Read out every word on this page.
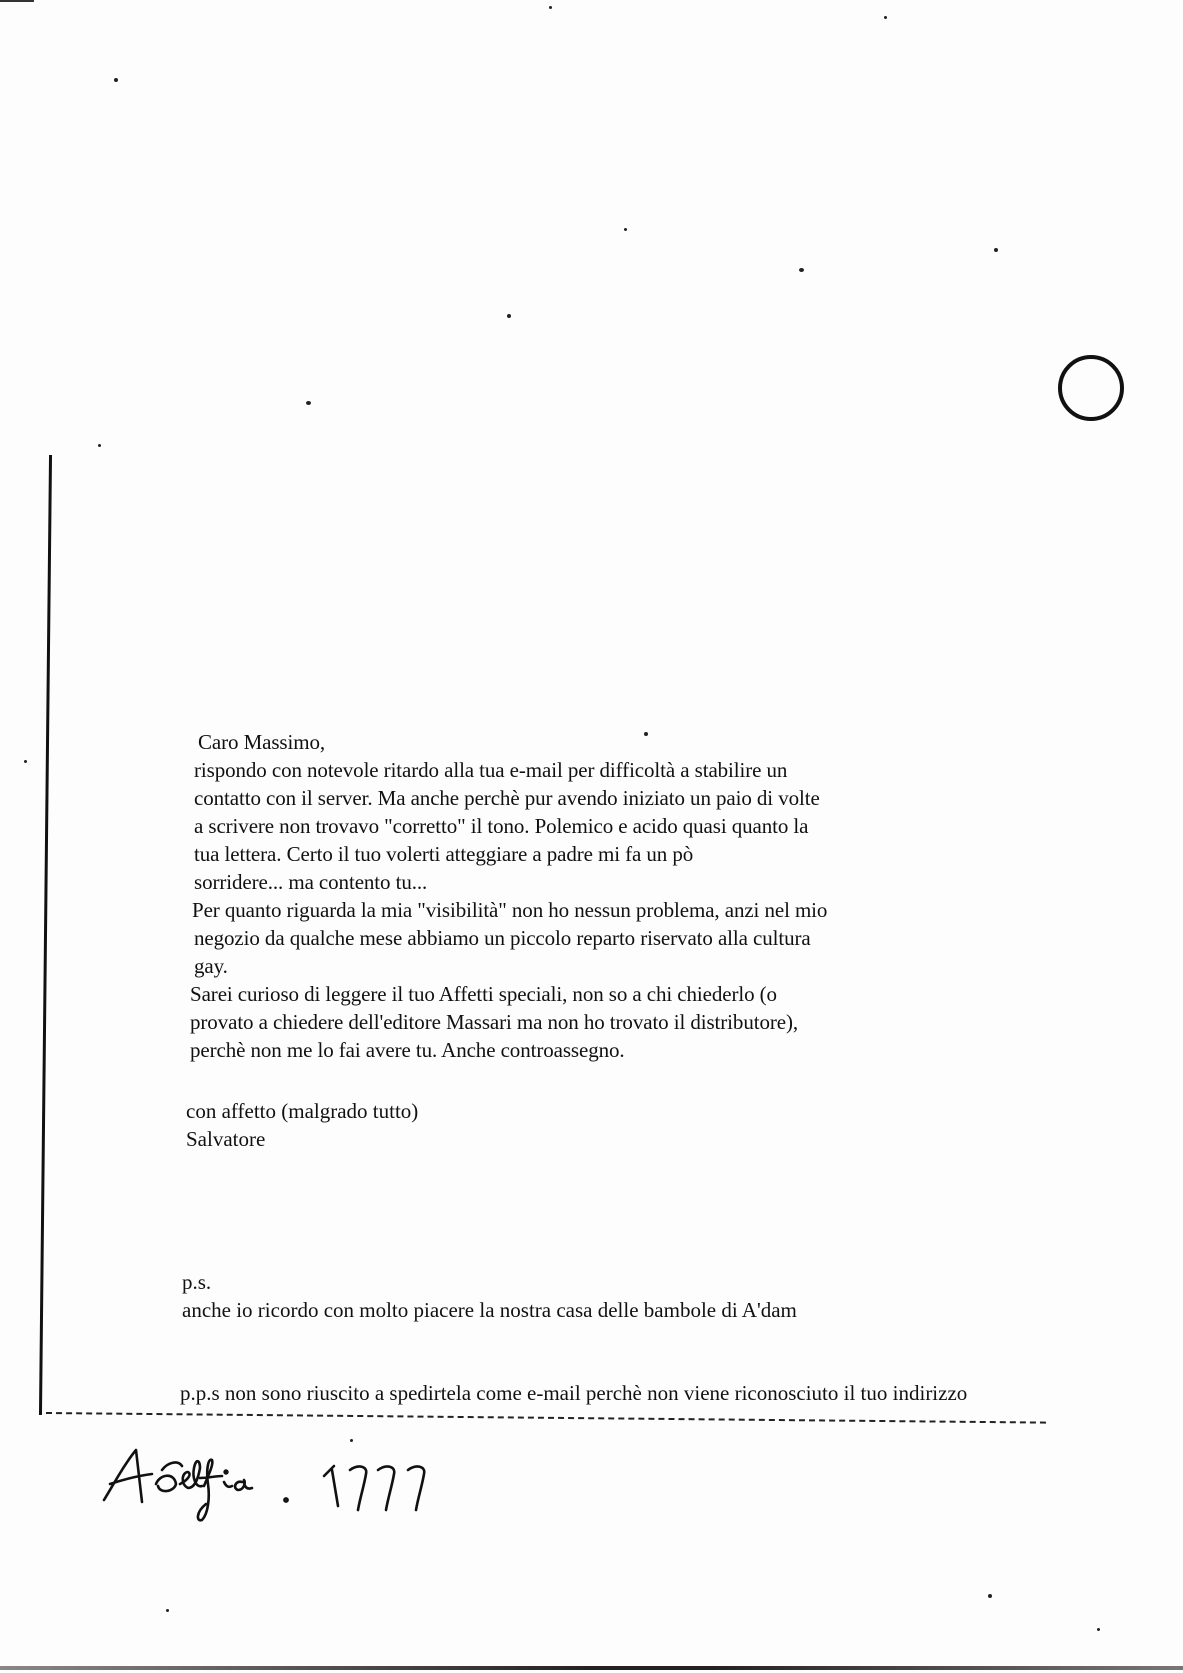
Caro Massimo,
rispondo con notevole ritardo alla tua e-mail per difficoltà a stabilire un
contatto con il server. Ma anche perchè pur avendo iniziato un paio di volte
a scrivere non trovavo "corretto" il tono. Polemico e acido quasi quanto la
tua lettera. Certo il tuo volerti atteggiare a padre mi fa un pò
sorridere... ma contento tu...
Per quanto riguarda la mia "visibilità" non ho nessun problema, anzi nel mio
negozio da qualche mese abbiamo un piccolo reparto riservato alla cultura
gay.
Sarei curioso di leggere il tuo Affetti speciali, non so a chi chiederlo (o
provato a chiedere dell'editore Massari ma non ho trovato il distributore),
perchè non me lo fai avere tu. Anche controassegno.
con affetto (malgrado tutto)
Salvatore
p.s.
anche io ricordo con molto piacere la nostra casa delle bambole di A'dam
p.p.s non sono riuscito a spedirtela come e-mail perchè non viene riconosciuto il tuo indirizzo
